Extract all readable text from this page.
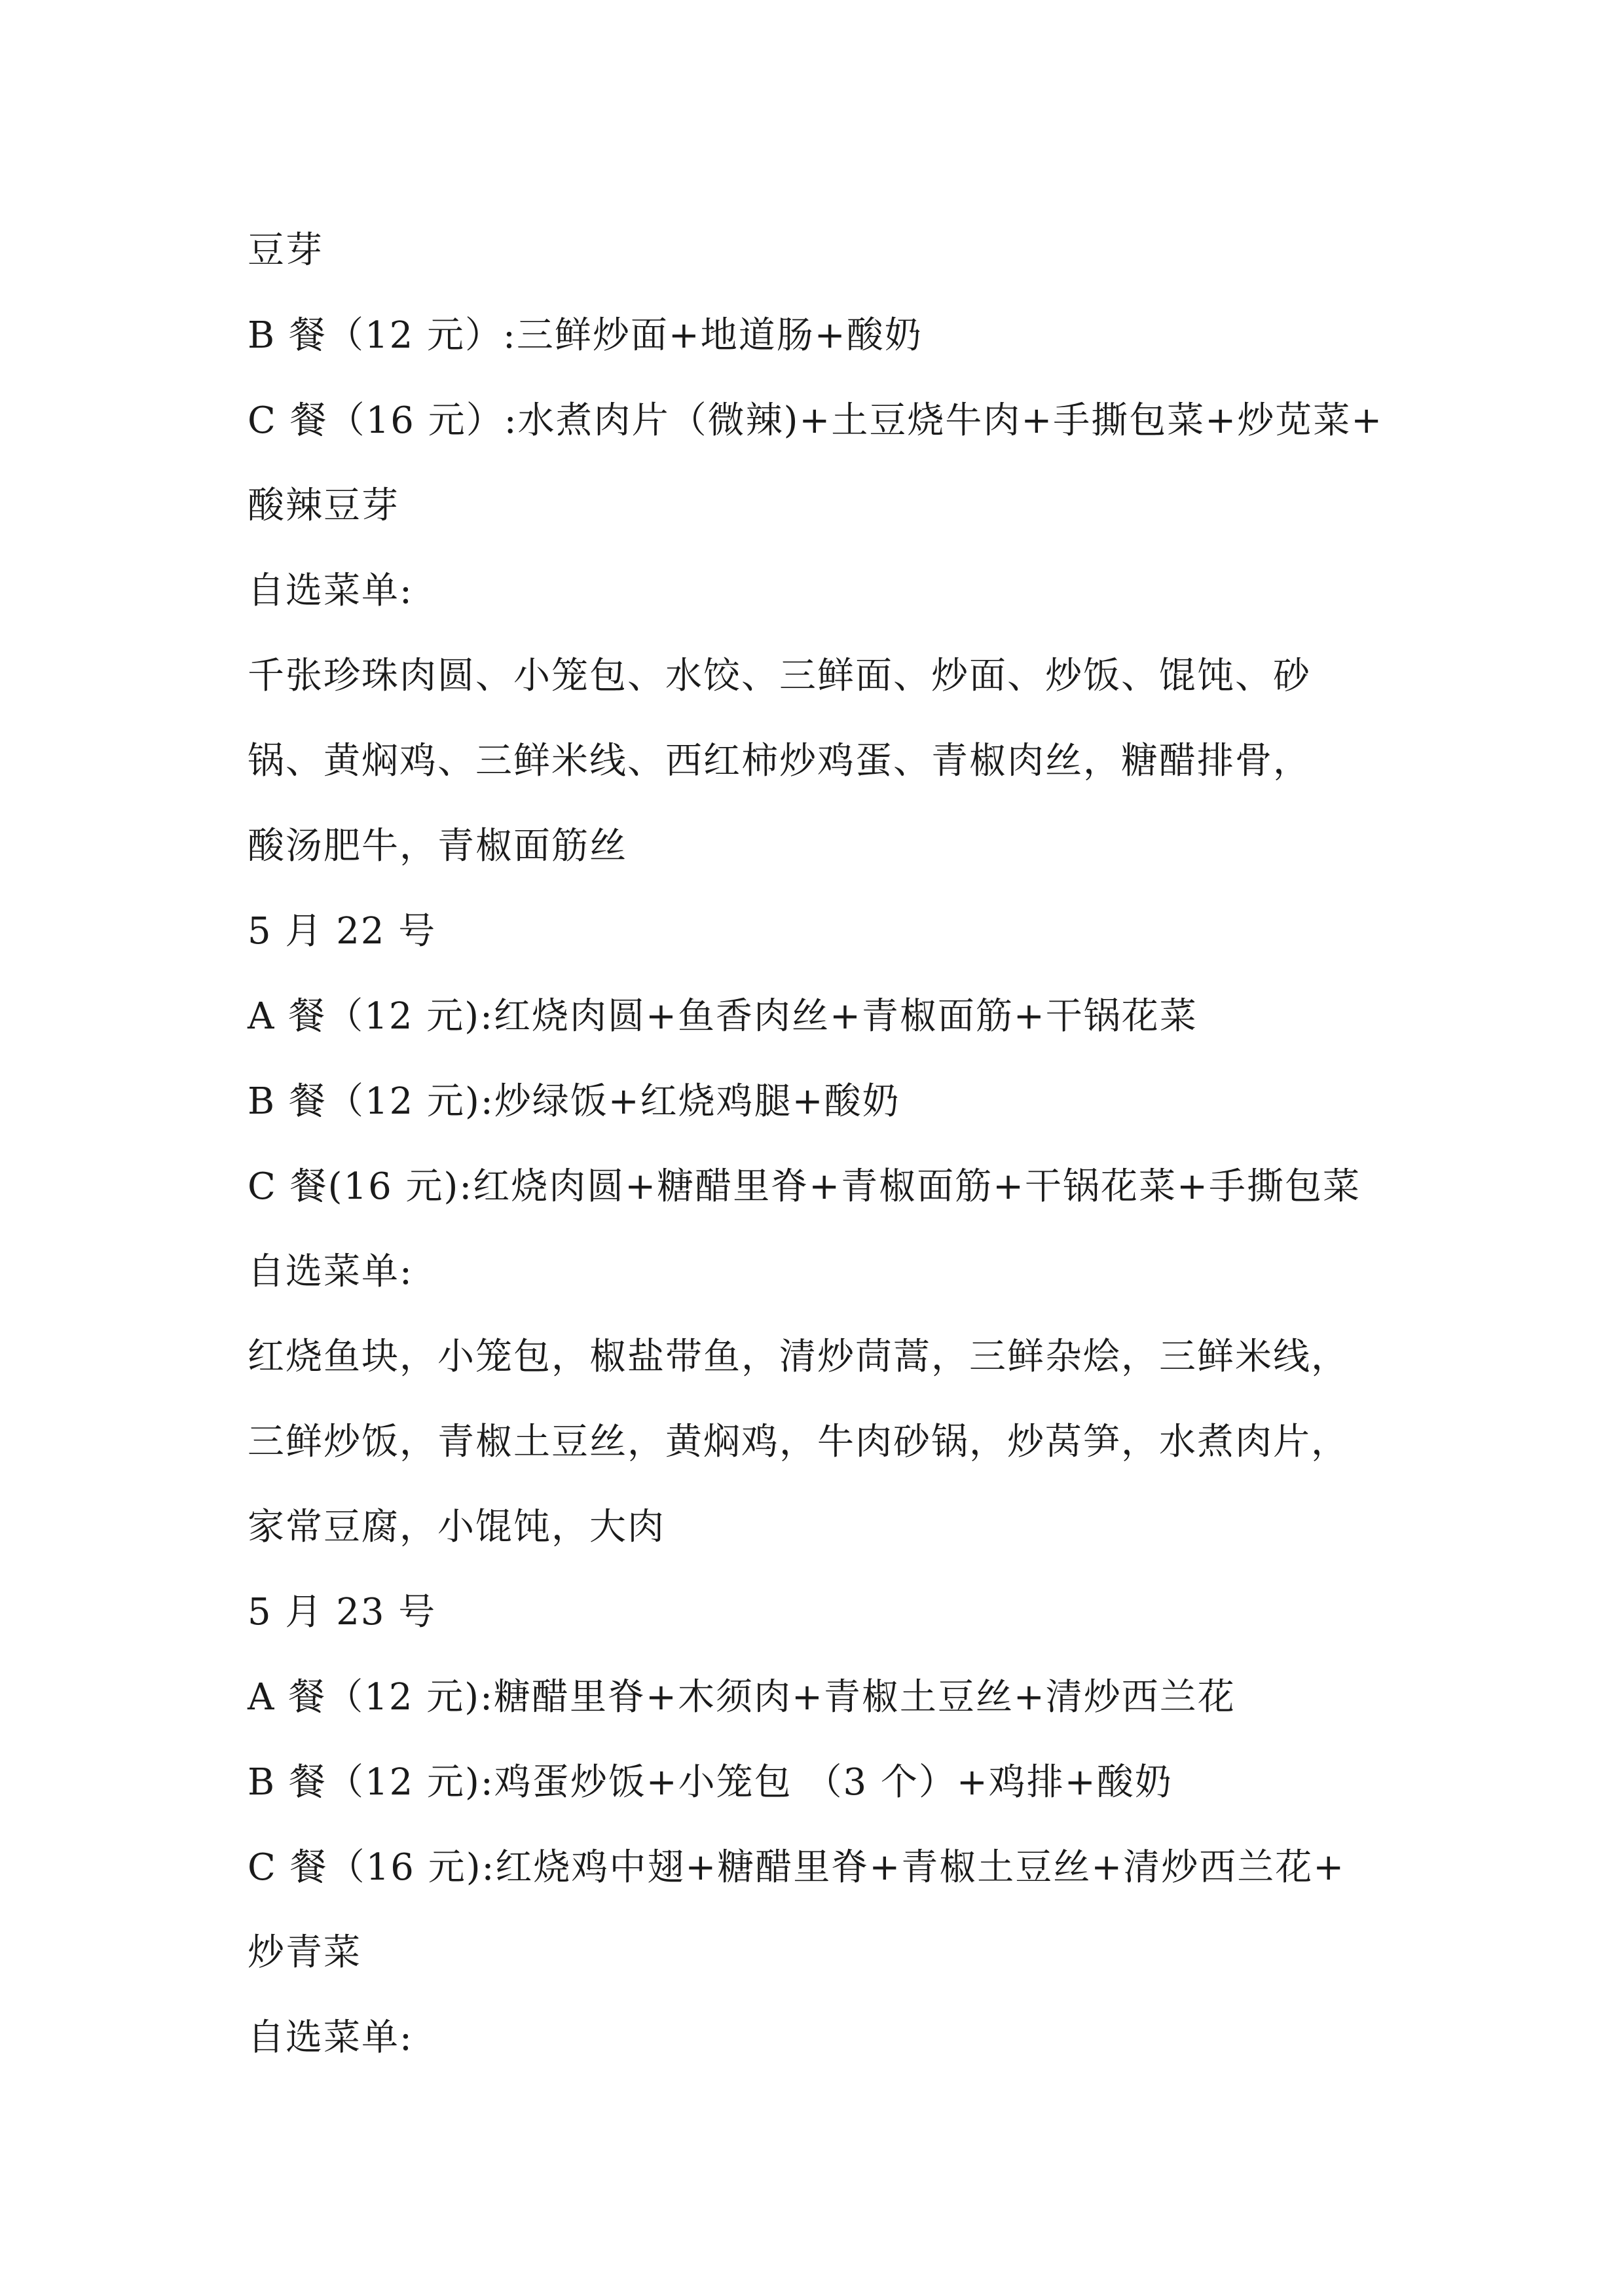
豆芽
B 餐（12 元）:三鲜炒面+地道肠+酸奶
C 餐（16 元）:水煮肉片（微辣)+土豆烧牛肉+手撕包菜+炒苋菜+
酸辣豆芽
自选菜单:
千张珍珠肉圆、小笼包、水饺、三鲜面、炒面、炒饭、馄饨、砂
锅、黄焖鸡、三鲜米线、西红柿炒鸡蛋、青椒肉丝，糖醋排骨，
酸汤肥牛，青椒面筋丝
5 月 22 号
A 餐（12 元):红烧肉圆+鱼香肉丝+青椒面筋+干锅花菜
B 餐（12 元):炒绿饭+红烧鸡腿+酸奶
C 餐(16 元):红烧肉圆+糖醋里脊+青椒面筋+干锅花菜+手撕包菜
自选菜单:
红烧鱼块，小笼包，椒盐带鱼，清炒茼蒿，三鲜杂烩，三鲜米线，
三鲜炒饭，青椒土豆丝，黄焖鸡，牛肉砂锅，炒莴笋，水煮肉片，
家常豆腐，小馄饨，大肉
5 月 23 号
A 餐（12 元):糖醋里脊+木须肉+青椒土豆丝+清炒西兰花
B 餐（12 元):鸡蛋炒饭+小笼包 （3 个）+鸡排+酸奶
C 餐（16 元):红烧鸡中翅+糖醋里脊+青椒土豆丝+清炒西兰花+
炒青菜
自选菜单:
